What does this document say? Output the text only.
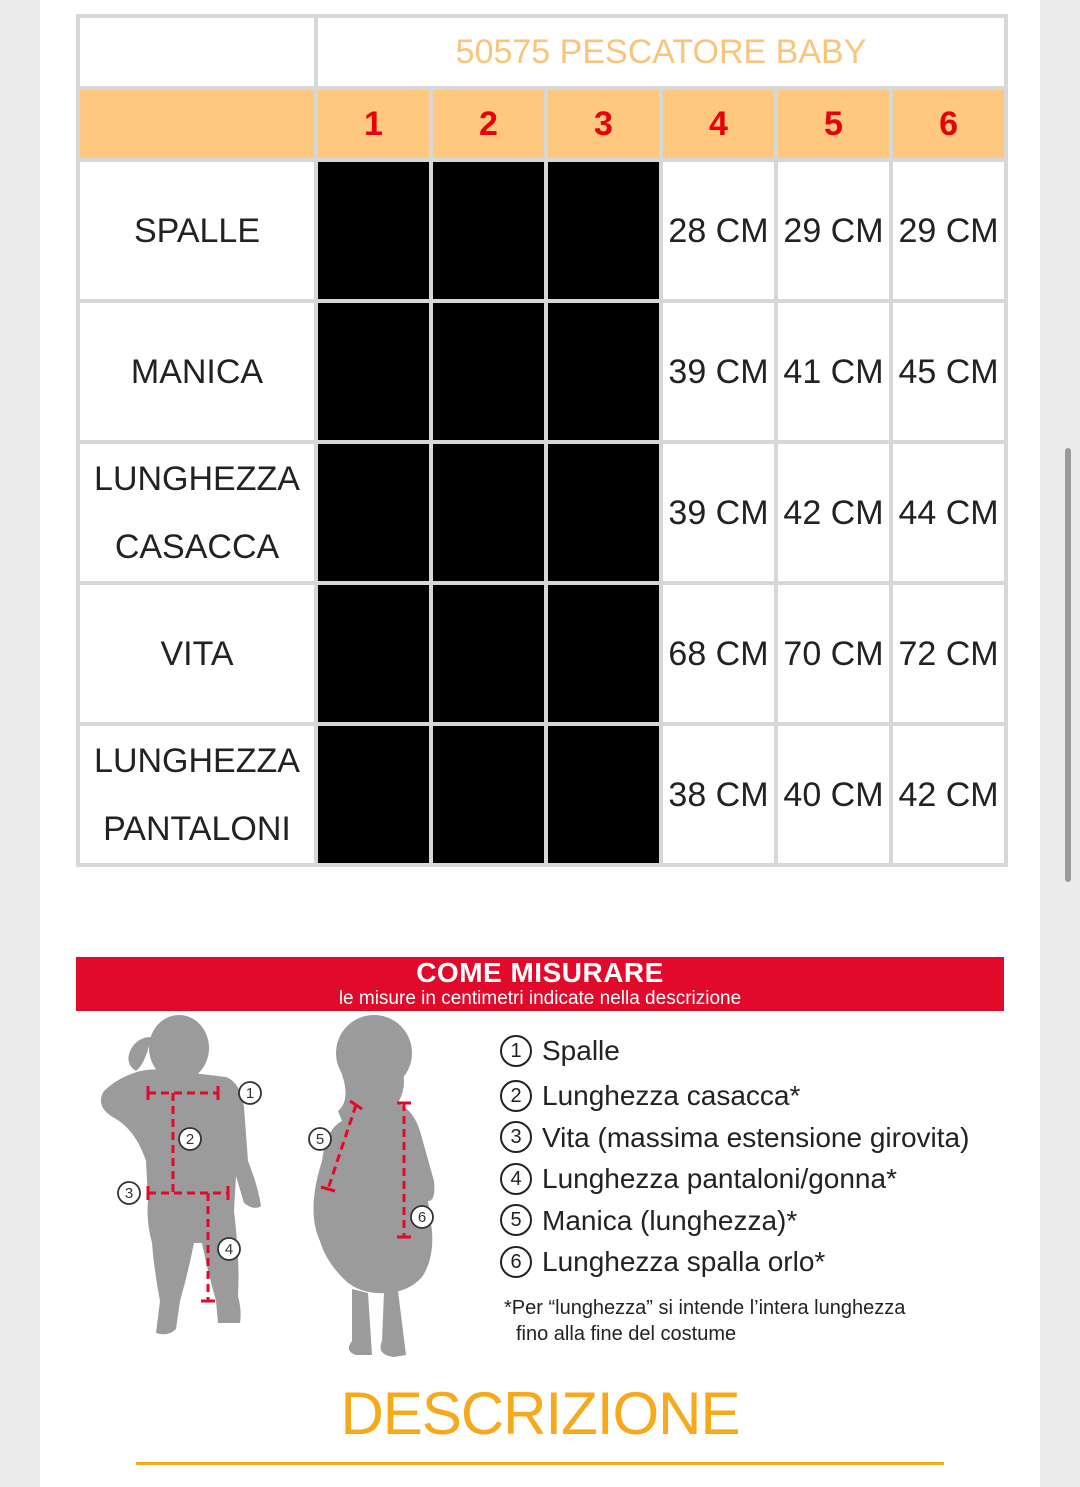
	50575 PESCATORE BABY					
	1	2	3	4	5	6
SPALLE				28 CM	29 CM	29 CM
MANICA				39 CM	41 CM	45 CM
LUNGHEZZA
CASACCA				39 CM	42 CM	44 CM
VITA				68 CM	70 CM	72 CM
LUNGHEZZA
PANTALONI				38 CM	40 CM	42 CM
COME MISURARE
le misure in centimetri indicate nella descrizione
1
2
3
4
5
6
1 Spalle
2 Lunghezza casacca*
3 Vita (massima estensione girovita)
4 Lunghezza pantaloni/gonna*
5 Manica (lunghezza)*
6 Lunghezza spalla orlo*
*Per “lunghezza” si intende l’intera lunghezza
fino alla fine del costume
DESCRIZIONE
